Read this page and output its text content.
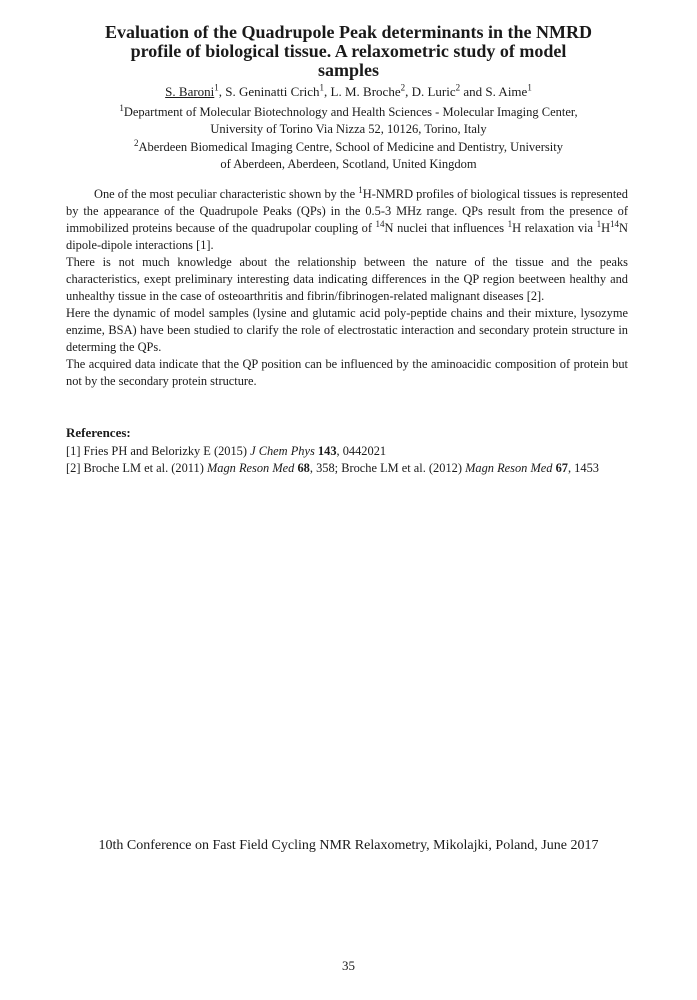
Evaluation of the Quadrupole Peak determinants in the NMRD
profile of biological tissue. A relaxometric study of model
samples
S. Baroni$^1$, S. Geninatti Crich$^1$, L. M. Broche$^2$, D. Luric$^2$ and S. Aime$^1$
$^1$Department of Molecular Biotechnology and Health Sciences - Molecular Imaging Center,
University of Torino Via Nizza 52, 10126, Torino, Italy
$^2$Aberdeen Biomedical Imaging Centre, School of Medicine and Dentistry, University
of Aberdeen, Aberdeen, Scotland, United Kingdom

One of the most peculiar characteristic shown by the $^1$H-NMRD profiles of biological tissues is represented by the appearance of the Quadrupole Peaks (QPs) in the 0.5-3 MHz range. QPs result from the presence of immobilized proteins because of the quadrupolar coupling of $^{14}$N nuclei that influences $^1$H relaxation via $^1H^{14}N$ dipole-dipole interactions [1].

There is not much knowledge about the relationship between the nature of the tissue and the peaks characteristics, exept preliminary interesting data indicating differences in the QP region beetween healthy and unhealthy tissue in the case of osteoarthritis and fibrin/fibrinogen-related malignant diseases [2].

Here the dynamic of model samples (lysine and glutamic acid poly-peptide chains and their mixture, lysozyme enzime, BSA) have been studied to clarify the role of electrostatic interaction and secondary protein structure in determing the QPs.

The acquired data indicate that the QP position can be influenced by the aminoacidic composition of protein but not by the secondary protein structure.

References:

[1] Fries PH and Belorizky E (2015) J Chem Phys 143, 0442021

[2] Broche LM et al. (2011) Magn Reson Med 68, 358; Broche LM et al. (2012) Magn Reson Med 67, 1453

10th Conference on Fast Field Cycling NMR Relaxometry, Mikolajki, Poland, June 2017
35
